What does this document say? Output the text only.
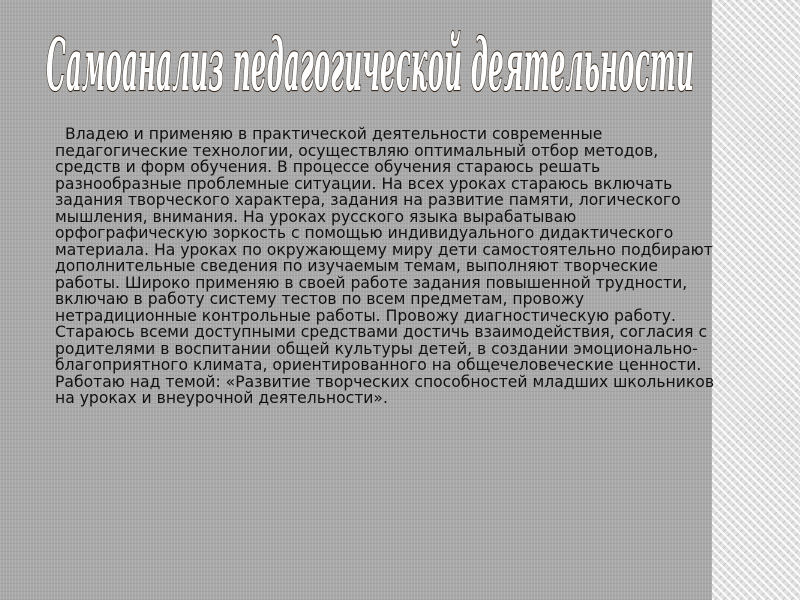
Самоанализ педагогической деятельности

Владею и применяю в практической деятельности современные педагогические технологии, осуществляю оптимальный отбор методов, средств и форм обучения. В процессе обучения стараюсь решать разнообразные проблемные ситуации. На всех уроках стараюсь включать задания творческого характера, задания на развитие памяти, логического мышления, внимания. На уроках русского языка вырабатываю орфографическую зоркость с помощью индивидуального дидактического материала. На уроках по окружающему миру дети самостоятельно подбирают дополнительные сведения по изучаемым темам, выполняют творческие работы. Широко применяю в своей работе задания повышенной трудности, включаю в работу систему тестов по всем предметам, провожу нетрадиционные контрольные работы. Провожу диагностическую работу. Стараюсь всеми доступными средствами достичь взаимодействия, согласия с родителями в воспитании общей культуры детей, в создании эмоционально-благоприятного климата, ориентированного на общечеловеческие ценности. Работаю над темой: «Развитие творческих способностей младших школьников на уроках и внеурочной деятельности».
